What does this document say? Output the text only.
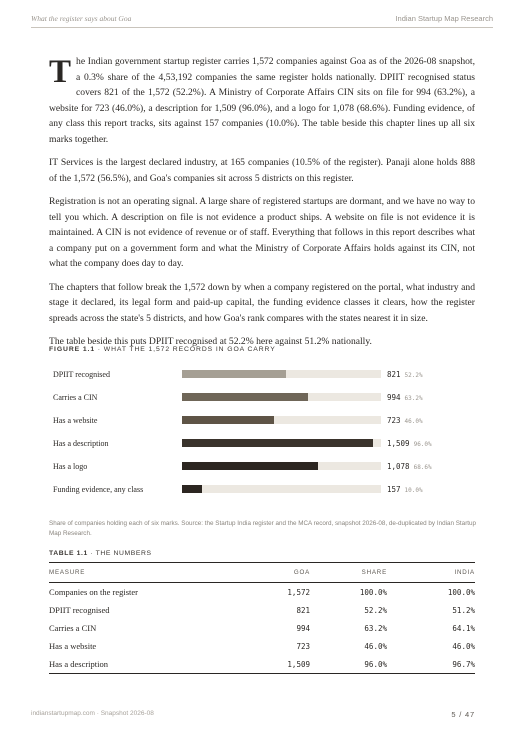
What the register says about Goa	Indian Startup Map Research

The Indian government startup register carries 1,572 companies against Goa as of the 2026-08 snapshot, a 0.3% share of the 4,53,192 companies the same register holds nationally. DPIIT recognised status covers 821 of the 1,572 (52.2%). A Ministry of Corporate Affairs CIN sits on file for 994 (63.2%), a website for 723 (46.0%), a description for 1,509 (96.0%), and a logo for 1,078 (68.6%). Funding evidence, of any class this report tracks, sits against 157 companies (10.0%). The table beside this chapter lines up all six marks together.

IT Services is the largest declared industry, at 165 companies (10.5% of the register). Panaji alone holds 888 of the 1,572 (56.5%), and Goa's companies sit across 5 districts on this register.

Registration is not an operating signal. A large share of registered startups are dormant, and we have no way to tell you which. A description on file is not evidence a product ships. A website on file is not evidence it is maintained. A CIN is not evidence of revenue or of staff. Everything that follows in this report describes what a company put on a government form and what the Ministry of Corporate Affairs holds against its CIN, not what the company does day to day.

The chapters that follow break the 1,572 down by when a company registered on the portal, what industry and stage it declared, its legal form and paid-up capital, the funding evidence classes it clears, how the register spreads across the state's 5 districts, and how Goa's rank compares with the states nearest it in size.

The table beside this puts DPIIT recognised at 52.2% here against 51.2% nationally.

FIGURE 1.1 · WHAT THE 1,572 RECORDS IN GOA CARRY
DPIIT recognised	821 52.2%
Carries a CIN	994 63.2%
Has a website	723 46.0%
Has a description	1,509 96.0%
Has a logo	1,078 68.6%
Funding evidence, any class	157 10.0%
Share of companies holding each of six marks. Source: the Startup India register and the MCA record, snapshot 2026-08, de-duplicated by Indian Startup Map Research.
TABLE 1.1 · THE NUMBERS
MEASURE	GOA	SHARE	INDIA
Companies on the register	1,572	100.0%	100.0%
DPIIT recognised	821	52.2%	51.2%
Carries a CIN	994	63.2%	64.1%
Has a website	723	46.0%	46.0%
Has a description	1,509	96.0%	96.7%
indianstartupmap.com · Snapshot 2026-08	5 / 47
